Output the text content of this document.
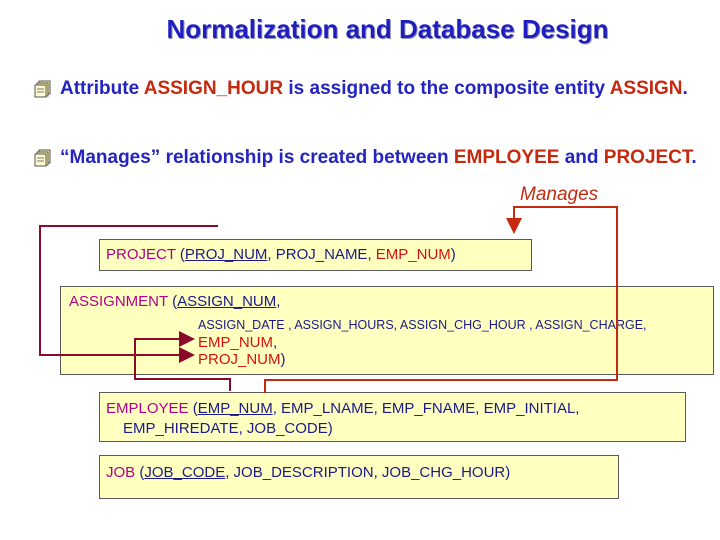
Normalization and Database Design
Attribute ASSIGN_HOUR is assigned to the composite entity ASSIGN.
“Manages” relationship is created between EMPLOYEE and PROJECT.
Manages
PROJECT (PROJ_NUM, PROJ_NAME, EMP_NUM)
ASSIGNMENT (ASSIGN_NUM,
ASSIGN_DATE , ASSIGN_HOURS, ASSIGN_CHG_HOUR , ASSIGN_CHARGE,
EMP_NUM,
PROJ_NUM)
EMPLOYEE (EMP_NUM, EMP_LNAME, EMP_FNAME, EMP_INITIAL,
EMP_HIREDATE, JOB_CODE)
JOB (JOB_CODE, JOB_DESCRIPTION, JOB_CHG_HOUR)
